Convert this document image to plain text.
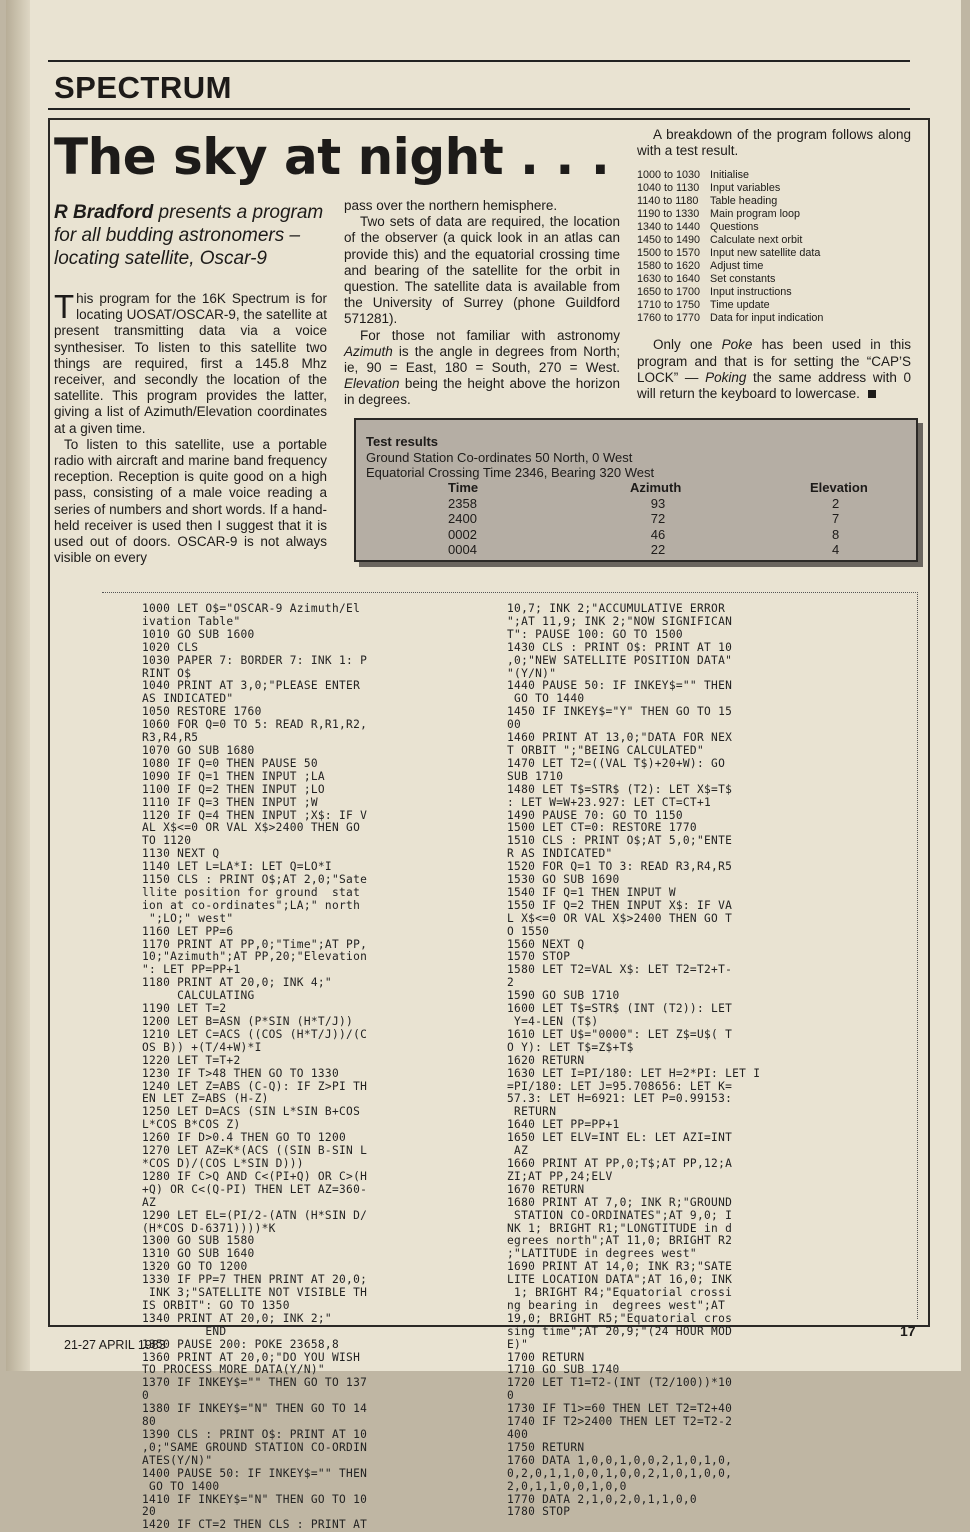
SPECTRUM
The sky at night . . .
R Bradford presents a program for all budding astronomers – locating satellite, Oscar-9

This program for the 16K Spectrum is for locating UOSAT/OSCAR-9, the satellite at present transmitting data via a voice synthesiser. To listen to this satellite two things are required, first a 145.8 Mhz receiver, and secondly the location of the satellite. This program provides the latter, giving a list of Azimuth/Elevation coordinates at a given time.

To listen to this satellite, use a portable radio with aircraft and marine band frequency reception. Reception is quite good on a high pass, consisting of a male voice reading a series of numbers and short words. If a hand-held receiver is used then I suggest that it is used out of doors. OSCAR-9 is not always visible on every

pass over the northern hemisphere.

Two sets of data are required, the location of the observer (a quick look in an atlas can provide this) and the equatorial crossing time and bearing of the satellite for the orbit in question. The satellite data is available from the University of Surrey (phone Guildford 571281).

For those not familiar with astronomy Azimuth is the angle in degrees from North; ie, 90 = East, 180 = South, 270 = West. Elevation being the height above the horizon in degrees.

A breakdown of the program follows along with a test result.

1000 to 1030 Initialise
1040 to 1130 Input variables
1140 to 1180	Table heading
1190 to 1330 Main program loop
1340 to 1440 Questions
1450 to 1490 Calculate next orbit
1500 to 1570 Input new satellite data
1580 to 1620 Adjust time
1630 to 1640 Set constants
1650 to 1700 Input instructions
1710 to 1750 Time update
1760 to 1770 Data for input indication

Only one Poke has been used in this program and that is for setting the “CAP’S LOCK” — Poking the same address with 0 will return the keyboard to lowercase.

Test results
Ground Station Co-ordinates 50 North, 0 West
Equatorial Crossing Time 2346, Bearing 320 West
Time	Azimuth	Elevation
2358	93	2
2400	72	7
0002	46	8
0004	22	4
1000 LET O$="OSCAR-9 Azimuth/El
ivation Table"
1010 GO SUB 1600
1020 CLS
1030 PAPER 7: BORDER 7: INK 1: P
RINT O$
1040 PRINT AT 3,0;"PLEASE ENTER
AS INDICATED"
1050 RESTORE 1760
1060 FOR Q=0 TO 5: READ R,R1,R2,
R3,R4,R5
1070 GO SUB 1680
1080 IF Q=0 THEN PAUSE 50
1090 IF Q=1 THEN INPUT ;LA
1100 IF Q=2 THEN INPUT ;LO
1110 IF Q=3 THEN INPUT ;W
1120 IF Q=4 THEN INPUT ;X$: IF V
AL X$<=0 OR VAL X$>2400 THEN GO
TO 1120
1130 NEXT Q
1140 LET L=LA*I: LET Q=LO*I
1150 CLS : PRINT O$;AT 2,0;"Sate
llite position for ground  stat
ion at co-ordinates";LA;" north
";LO;" west"
1160 LET PP=6
1170 PRINT AT PP,0;"Time";AT PP,
10;"Azimuth";AT PP,20;"Elevation
": LET PP=PP+1
1180 PRINT AT 20,0; INK 4;"
CALCULATING
1190 LET T=2
1200 LET B=ASN (P*SIN (H*T/J))
1210 LET C=ACS ((COS (H*T/J))/(C
OS B)) +(T/4+W)*I
1220 LET T=T+2
1230 IF T>48 THEN GO TO 1330
1240 LET Z=ABS (C-Q): IF Z>PI TH
EN LET Z=ABS (H-Z)
1250 LET D=ACS (SIN L*SIN B+COS
L*COS B*COS Z)
1260 IF D>0.4 THEN GO TO 1200
1270 LET AZ=K*(ACS ((SIN B-SIN L
*COS D)/(COS L*SIN D)))
1280 IF C>Q AND C<(PI+Q) OR C>(H
+Q) OR C<(Q-PI) THEN LET AZ=360-
AZ
1290 LET EL=(PI/2-(ATN (H*SIN D/
(H*COS D-6371))))*K
1300 GO SUB 1580
1310 GO SUB 1640
1320 GO TO 1200
1330 IF PP=7 THEN PRINT AT 20,0;
INK 3;"SATELLITE NOT VISIBLE TH
IS ORBIT": GO TO 1350
1340 PRINT AT 20,0; INK 2;"
END
1350 PAUSE 200: POKE 23658,8
1360 PRINT AT 20,0;"DO YOU WISH
TO PROCESS MORE DATA(Y/N)"
1370 IF INKEY$="" THEN GO TO 137
0
1380 IF INKEY$="N" THEN GO TO 14
80
1390 CLS : PRINT O$: PRINT AT 10
,0;"SAME GROUND STATION CO-ORDIN
ATES(Y/N)"
1400 PAUSE 50: IF INKEY$="" THEN
GO TO 1400
1410 IF INKEY$="N" THEN GO TO 10
20
1420 IF CT=2 THEN CLS : PRINT AT
10,7; INK 2;"ACCUMULATIVE ERROR
";AT 11,9; INK 2;"NOW SIGNIFICAN
T": PAUSE 100: GO TO 1500
1430 CLS : PRINT O$: PRINT AT 10
,0;"NEW SATELLITE POSITION DATA"
"(Y/N)"
1440 PAUSE 50: IF INKEY$="" THEN
GO TO 1440
1450 IF INKEY$="Y" THEN GO TO 15
00
1460 PRINT AT 13,0;"DATA FOR NEX
T ORBIT ";"BEING CALCULATED"
1470 LET T2=((VAL T$)+20+W): GO
SUB 1710
1480 LET T$=STR$ (T2): LET X$=T$
: LET W=W+23.927: LET CT=CT+1
1490 PAUSE 70: GO TO 1150
1500 LET CT=0: RESTORE 1770
1510 CLS : PRINT O$;AT 5,0;"ENTE
R AS INDICATED"
1520 FOR Q=1 TO 3: READ R3,R4,R5
1530 GO SUB 1690
1540 IF Q=1 THEN INPUT W
1550 IF Q=2 THEN INPUT X$: IF VA
L X$<=0 OR VAL X$>2400 THEN GO T
O 1550
1560 NEXT Q
1570 STOP
1580 LET T2=VAL X$: LET T2=T2+T-
2
1590 GO SUB 1710
1600 LET T$=STR$ (INT (T2)): LET
Y=4-LEN (T$)
1610 LET U$="0000": LET Z$=U$( T
O Y): LET T$=Z$+T$
1620 RETURN
1630 LET I=PI/180: LET H=2*PI: LET I
=PI/180: LET J=95.708656: LET K=
57.3: LET H=6921: LET P=0.99153:
RETURN
1640 LET PP=PP+1
1650 LET ELV=INT EL: LET AZI=INT
AZ
1660 PRINT AT PP,0;T$;AT PP,12;A
ZI;AT PP,24;ELV
1670 RETURN
1680 PRINT AT 7,0; INK R;"GROUND
STATION CO-ORDINATES";AT 9,0; I
NK 1; BRIGHT R1;"LONGTITUDE in d
egrees north";AT 11,0; BRIGHT R2
;"LATITUDE in degrees west"
1690 PRINT AT 14,0; INK R3;"SATE
LITE LOCATION DATA";AT 16,0; INK
1; BRIGHT R4;"Equatorial crossi
ng bearing in  degrees west";AT
19,0; BRIGHT R5;"Equatorial cros
sing time";AT 20,9;"(24 HOUR MOD
E)"
1700 RETURN
1710 GO SUB 1740
1720 LET T1=T2-(INT (T2/100))*10
0
1730 IF T1>=60 THEN LET T2=T2+40
1740 IF T2>2400 THEN LET T2=T2-2
400
1750 RETURN
1760 DATA 1,0,0,1,0,0,2,1,0,1,0,
0,2,0,1,1,0,0,1,0,0,2,1,0,1,0,0,
2,0,1,1,0,0,1,0,0
1770 DATA 2,1,0,2,0,1,1,0,0
1780 STOP
21-27 APRIL 1983
17
